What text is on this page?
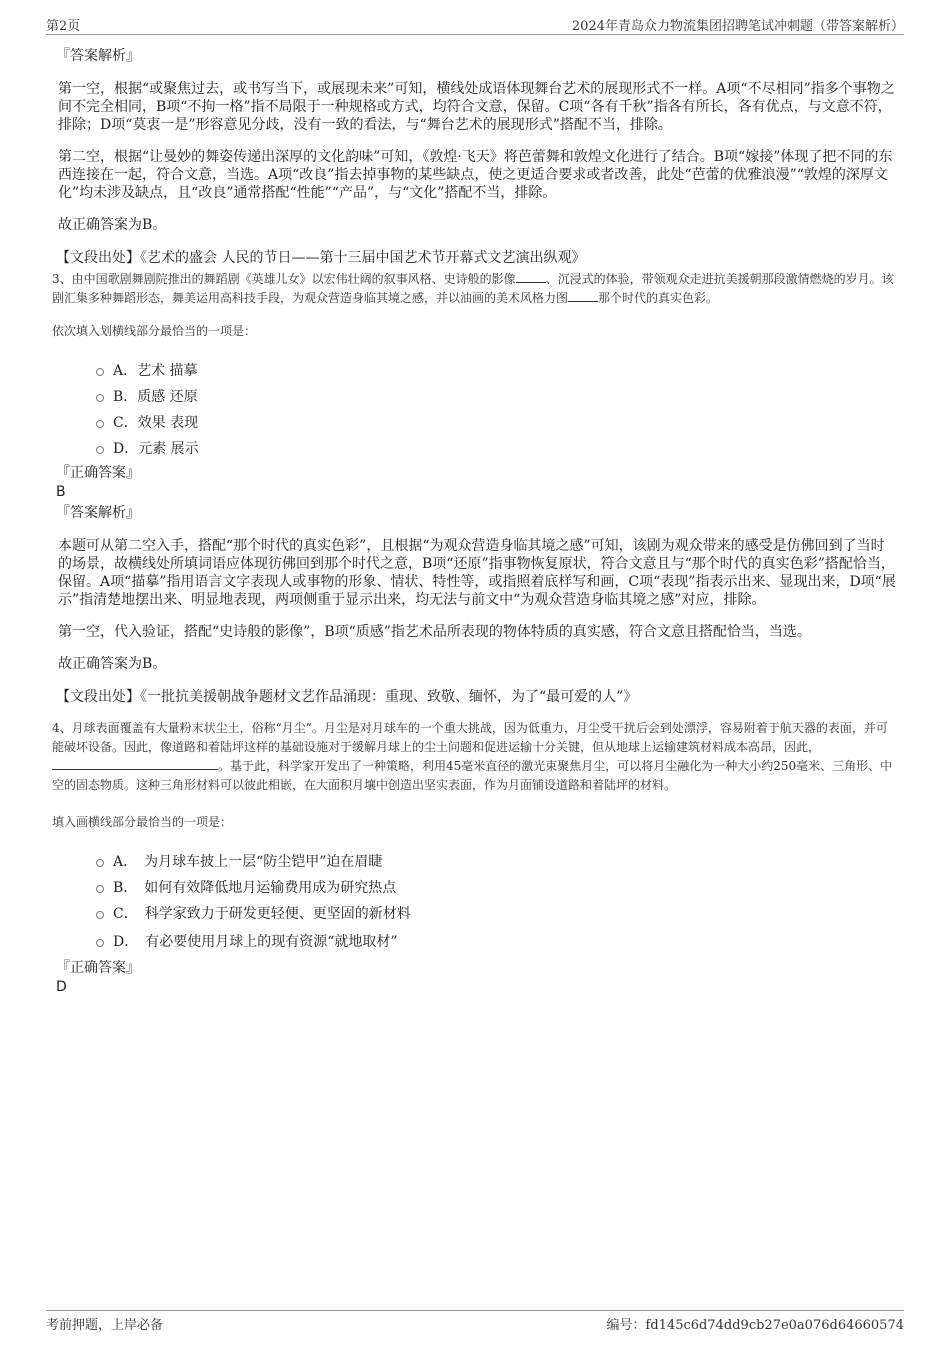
第2页	2024年青岛众力物流集团招聘笔试冲刺题（带答案解析）
『答案解析』

第一空，根据“或聚焦过去，或书写当下，或展现未来”可知，横线处成语体现舞台艺术的展现形式不一样。A项“不尽相同”指多个事物之间不完全相同，B项“不拘一格”指不局限于一种规格或方式，均符合文意，保留。C项“各有千秋”指各有所长，各有优点，与文意不符，排除；D项“莫衷一是”形容意见分歧，没有一致的看法，与“舞台艺术的展现形式”搭配不当，排除。

第二空，根据“让曼妙的舞姿传递出深厚的文化韵味”可知，《敦煌·飞天》将芭蕾舞和敦煌文化进行了结合。B项“嫁接”体现了把不同的东西连接在一起，符合文意，当选。A项“改良”指去掉事物的某些缺点，使之更适合要求或者改善，此处“芭蕾的优雅浪漫”“敦煌的深厚文化”均未涉及缺点，且“改良”通常搭配“性能”“产品”，与“文化”搭配不当，排除。

故正确答案为B。

【文段出处】《艺术的盛会 人民的节日——第十三届中国艺术节开幕式文艺演出纵观》
3、由中国歌剧舞剧院推出的舞蹈剧《英雄儿女》以宏伟壮阔的叙事风格、史诗般的影像	、沉浸式的体验，带领观众走进抗美援朝那段激情燃烧的岁月。该剧汇集多种舞蹈形态，舞美运用高科技手段，为观众营造身临其境之感，并以油画的美术风格力图	那个时代的真实色彩。
依次填入划横线部分最恰当的一项是：
A．艺术 描摹
B．质感 还原
C．效果 表现
D．元素 展示
『正确答案』
B
『答案解析』

本题可从第二空入手，搭配“那个时代的真实色彩”，且根据“为观众营造身临其境之感”可知，该剧为观众带来的感受是仿佛回到了当时的场景，故横线处所填词语应体现彷佛回到那个时代之意，B项“还原”指事物恢复原状，符合文意且与“那个时代的真实色彩”搭配恰当，保留。A项“描摹”指用语言文字表现人或事物的形象、情状、特性等，或指照着底样写和画，C项“表现”指表示出来、显现出来，D项“展示”指清楚地摆出来、明显地表现，两项侧重于显示出来，均无法与前文中“为观众营造身临其境之感”对应，排除。

第一空，代入验证，搭配“史诗般的影像”，B项“质感”指艺术品所表现的物体特质的真实感，符合文意且搭配恰当，当选。

故正确答案为B。

【文段出处】《一批抗美援朝战争题材文艺作品涌现：重现、致敬、缅怀，为了“最可爱的人”》
4、月球表面覆盖有大量粉末状尘土，俗称“月尘”。月尘是对月球车的一个重大挑战，因为低重力，月尘受干扰后会到处漂浮，容易附着于航天器的表面，并可能破坏设备。因此，像道路和着陆坪这样的基础设施对于缓解月球上的尘土问题和促进运输十分关键，但从地球上运输建筑材料成本高昂，因此，。基于此，科学家开发出了一种策略，利用45毫米直径的激光束聚焦月尘，可以将月尘融化为一种大小约250毫米、三角形、中空的固态物质。这种三角形材料可以彼此相嵌，在大面积月壤中创造出坚实表面，作为月面铺设道路和着陆坪的材料。
填入画横线部分最恰当的一项是：
A．　为月球车披上一层“防尘铠甲”迫在眉睫
B．　如何有效降低地月运输费用成为研究热点
C．　科学家致力于研发更轻便、更坚固的新材料
D．　有必要使用月球上的现有资源“就地取材”
『正确答案』
D
考前押题，上岸必备	编号：fd145c6d74dd9cb27e0a076d64660574
